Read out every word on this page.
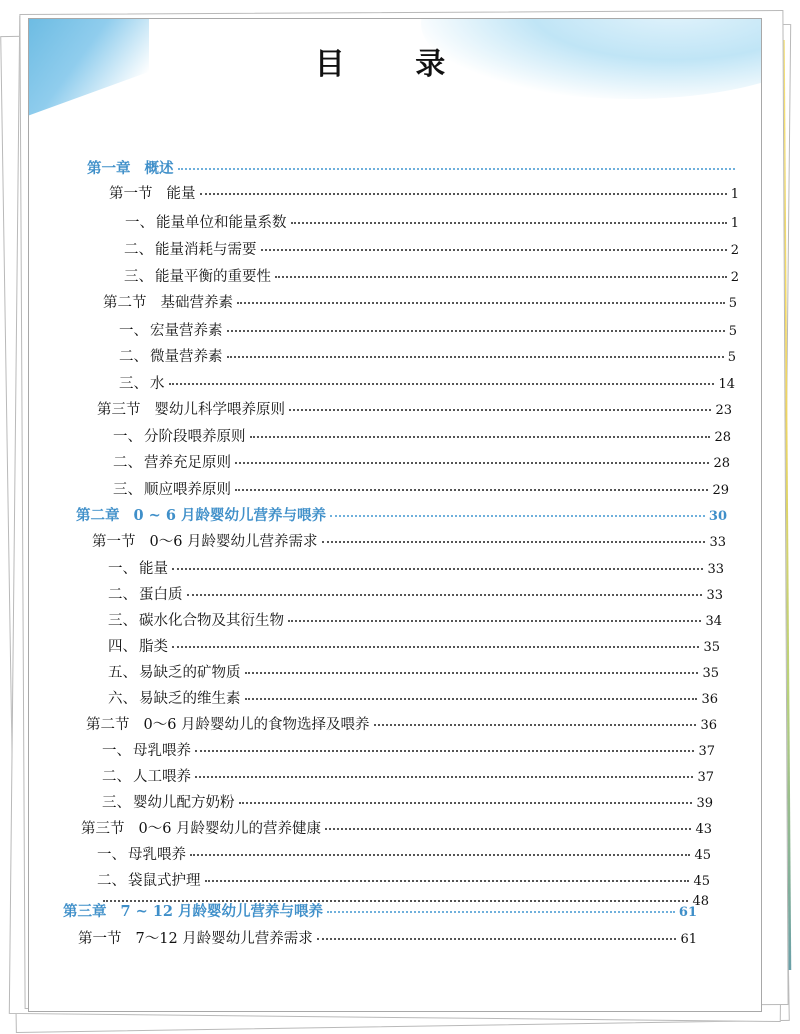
目 录
第一章 概述
第一节 能量	1
一、 能量单位和能量系数	1
二、 能量消耗与需要	2
三、 能量平衡的重要性	2
第二节 基础营养素	5
一、 宏量营养素	5
二、 微量营养素	5
三、 水	14
第三节 婴幼儿科学喂养原则	23
一、 分阶段喂养原则	28
二、 营养充足原则	28
三、 顺应喂养原则	29
第二章 0 ~ 6 月龄婴幼儿营养与喂养	30
第一节 0～6 月龄婴幼儿营养需求	33
一、 能量	33
二、 蛋白质	33
三、 碳水化合物及其衍生物	34
四、 脂类	35
五、 易缺乏的矿物质	35
六、 易缺乏的维生素	36
第二节 0～6 月龄婴幼儿的食物选择及喂养	36
一、 母乳喂养	37
二、 人工喂养	37
三、 婴幼儿配方奶粉	39
第三节 0～6 月龄婴幼儿的营养健康	43
一、 母乳喂养	45
二、 袋鼠式护理	45
48
第三章 7 ~ 12 月龄婴幼儿营养与喂养	61
第一节 7～12 月龄婴幼儿营养需求	61
